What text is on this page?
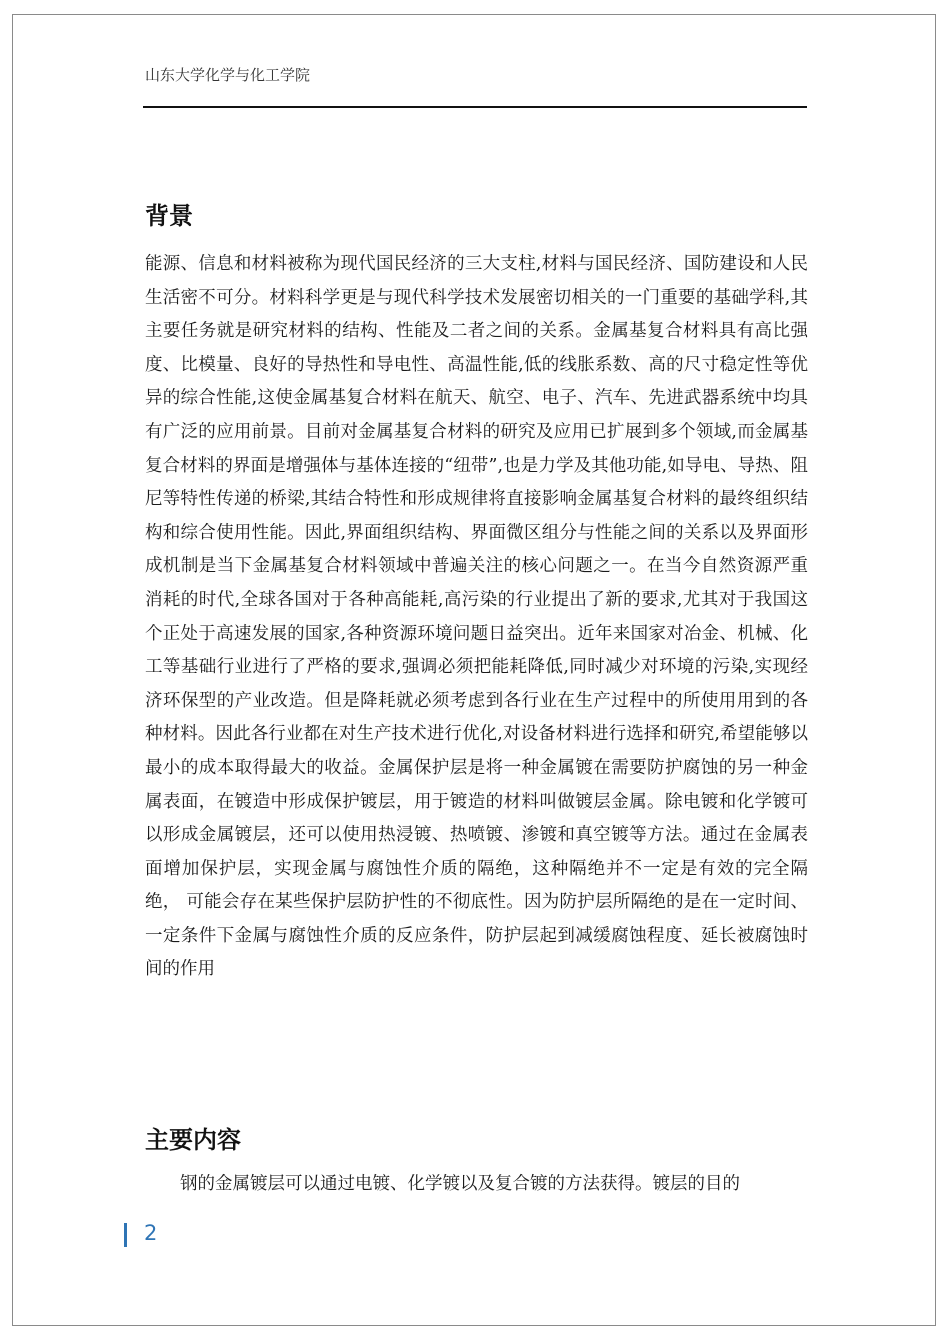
山东大学化学与化工学院
背景
能源、信息和材料被称为现代国民经济的三大支柱,材料与国民经济、国防建设和人民生活密不可分。材料科学更是与现代科学技术发展密切相关的一门重要的基础学科,其主要任务就是研究材料的结构、性能及二者之间的关系。金属基复合材料具有高比强度、比模量、良好的导热性和导电性、高温性能,低的线胀系数、高的尺寸稳定性等优异的综合性能,这使金属基复合材料在航天、航空、电子、汽车、先进武器系统中均具有广泛的应用前景。目前对金属基复合材料的研究及应用已扩展到多个领域,而金属基复合材料的界面是增强体与基体连接的“纽带”,也是力学及其他功能,如导电、导热、阻尼等特性传递的桥梁,其结合特性和形成规律将直接影响金属基复合材料的最终组织结构和综合使用性能。因此,界面组织结构、界面微区组分与性能之间的关系以及界面形成机制是当下金属基复合材料领域中普遍关注的核心问题之一。在当今自然资源严重消耗的时代,全球各国对于各种高能耗,高污染的行业提出了新的要求,尤其对于我国这个正处于高速发展的国家,各种资源环境问题日益突出。近年来国家对冶金、机械、化工等基础行业进行了严格的要求,强调必须把能耗降低,同时减少对环境的污染,实现经济环保型的产业改造。但是降耗就必须考虑到各行业在生产过程中的所使用用到的各种材料。因此各行业都在对生产技术进行优化,对设备材料进行选择和研究,希望能够以最小的成本取得最大的收益。金属保护层是将一种金属镀在需要防护腐蚀的另一种金属表面，在镀造中形成保护镀层，用于镀造的材料叫做镀层金属。除电镀和化学镀可以形成金属镀层，还可以使用热浸镀、热喷镀、渗镀和真空镀等方法。通过在金属表面增加保护层，实现金属与腐蚀性介质的隔绝，这种隔绝并不一定是有效的完全隔绝， 可能会存在某些保护层防护性的不彻底性。因为防护层所隔绝的是在一定时间、一定条件下金属与腐蚀性介质的反应条件，防护层起到减缓腐蚀程度、延长被腐蚀时间的作用
主要内容
钢的金属镀层可以通过电镀、化学镀以及复合镀的方法获得。镀层的目的
2
